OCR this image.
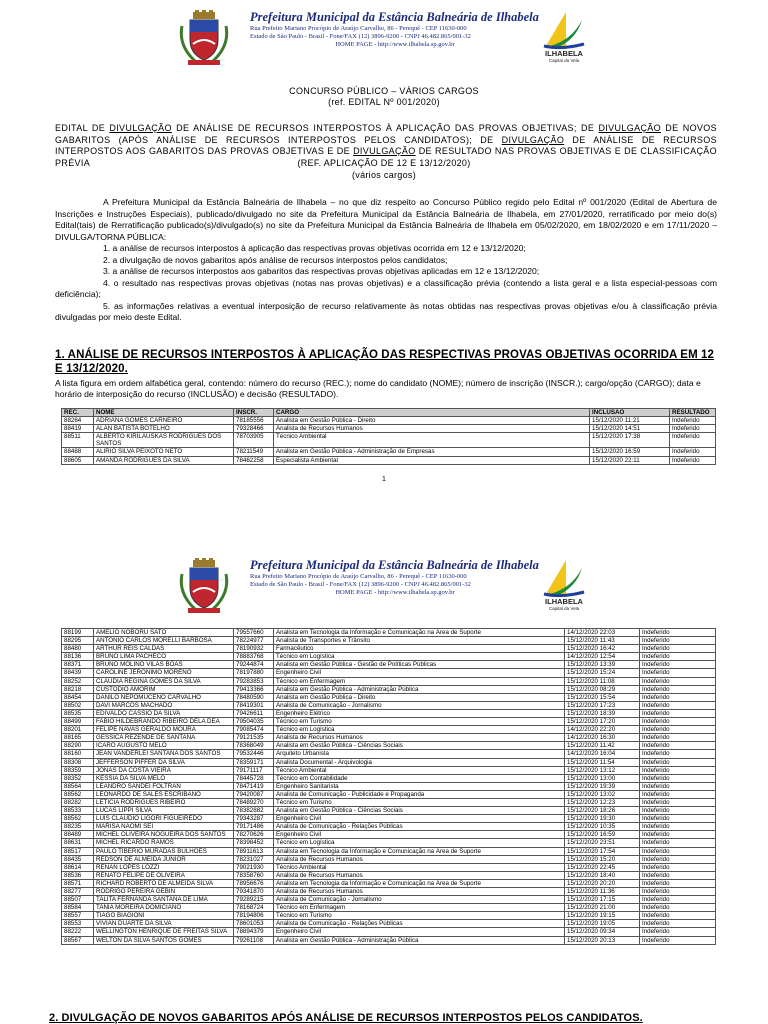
Prefeitura Municipal da Estância Balneária de Ilhabela
Rua Prefeito Mariano Procópio de Araújo Carvalho, 86 - Perequê - CEP 11630-000
Estado de São Paulo - Brasil - Fone/FAX (12) 3896-9200 - CNPJ 46.482.865/001-32
HOME PAGE - http://www.ilhabela.sp.gov.br
ILHABELA
Capital da Vela
CONCURSO PÚBLICO – VÁRIOS CARGOS
(ref. EDITAL Nº 001/2020)
EDITAL DE DIVULGAÇÃO DE ANÁLISE DE RECURSOS INTERPOSTOS À APLICAÇÃO DAS PROVAS OBJETIVAS; DE DIVULGAÇÃO DE NOVOS GABARITOS (APÓS ANÁLISE DE RECURSOS INTERPOSTOS PELOS CANDIDATOS); DE DIVULGAÇÃO DE ANÁLISE DE RECURSOS INTERPOSTOS AOS GABARITOS DAS PROVAS OBJETIVAS E DE DIVULGAÇÃO DE RESULTADO NAS PROVAS OBJETIVAS E DE CLASSIFICAÇÃO PRÉVIA	(REF. APLICAÇÃO DE 12 E 13/12/2020)
(vários cargos)

A Prefeitura Municipal da Estância Balneária de Ilhabela – no que diz respeito ao Concurso Público regido pelo Edital nº 001/2020 (Edital de Abertura de Inscrições e Instruções Especiais), publicado/divulgado no site da Prefeitura Municipal da Estância Balneária de Ilhabela, em 27/01/2020, rerratificado por meio do(s) Edital(tais) de Rerratificação publicado(s)/divulgado(s) no site da Prefeitura Municipal da Estância Balneária de Ilhabela em 05/02/2020, em 18/02/2020 e em 17/11/2020 – DIVULGA/TORNA PÚBLICA:

1. a análise de recursos interpostos à aplicação das respectivas provas objetivas ocorrida em 12 e 13/12/2020;

2. a divulgação de novos gabaritos após análise de recursos interpostos pelos candidatos;

3. a análise de recursos interpostos aos gabaritos das respectivas provas objetivas aplicadas em 12 e 13/12/2020;

4. o resultado nas respectivas provas objetivas (notas nas provas objetivas) e a classificação prévia (contendo a lista geral e a lista especial-pessoas com deficiência);

5. as informações relativas a eventual interposição de recurso relativamente às notas obtidas nas respectivas provas objetivas e/ou à classificação prévia divulgadas por meio deste Edital.

1. ANÁLISE DE RECURSOS INTERPOSTOS À APLICAÇÃO DAS RESPECTIVAS PROVAS OBJETIVAS OCORRIDA EM 12 E 13/12/2020.
A lista figura em ordem alfabética geral, contendo: número do recurso (REC.); nome do candidato (NOME); número de inscrição (INSCR.); cargo/opção (CARGO); data e horário de interposição do recurso (INCLUSÃO) e decisão (RESULTADO).
REC.	NOME	INSCR.	CARGO	INCLUSAO	RESULTADO
88264	ADRIANA GOMES CARNEIRO	78185556	Analista em Gestão Pública - Direito	15/12/2020 11:21	Indeferido
88419	ALAN BATISTA BOTELHO	79328466	Analista de Recursos Humanos	15/12/2020 14:51	Indeferido
88511	ALBERTO KIRILAUSKAS RODRIGUES DOS SANTOS	78703905	Técnico Ambiental	15/12/2020 17:38	Indeferido
88488	ALIRIO SILVA PEIXOTO NETO	78211549	Analista em Gestão Pública - Administração de Empresas	15/12/2020 16:59	Indeferido
88605	AMANDA RODRIGUES DA SILVA	78462258	Especialista Ambiental	15/12/2020 22:11	Indeferido
1
Prefeitura Municipal da Estância Balneária de Ilhabela
Rua Prefeito Mariano Procópio de Araújo Carvalho, 86 - Perequê - CEP 11630-000
Estado de São Paulo - Brasil - Fone/FAX (12) 3896-9200 - CNPJ 46.482.865/001-32
HOME PAGE - http://www.ilhabela.sp.gov.br
ILHABELA
Capital da Vela
88199	AMELIO NOBORU SATO	79557660	Analista em Tecnologia da Informação e Comunicação na Área de Suporte	14/12/2020 22:03	Indeferido
88295	ANTONIO CARLOS MORELLI BARBOSA	78224977	Analista de Transportes e Trânsito	15/12/2020 11:43	Indeferido
88480	ARTHUR REIS CALDAS	78190932	Farmacêutico	15/12/2020 16:42	Indeferido
88136	BRUNO LIMA PACHECO	78883768	Técnico em Logística	14/12/2020 12:54	Indeferido
88371	BRUNO MOLINO VILAS BOAS	79244874	Analista em Gestão Pública - Gestão de Políticas Públicas	15/12/2020 13:39	Indeferido
88439	CAROLINE JERONIMO MORENO	78197880	Engenheiro Civil	15/12/2020 15:24	Indeferido
88252	CLAUDIA REGINA GOMES DA SILVA	79283853	Técnico em Enfermagem	15/12/2020 11:08	Indeferido
88218	CUSTODIO AMORIM	79413366	Analista em Gestão Pública - Administração Pública	15/12/2020 08:29	Indeferido
88454	DANILO NEPOMUCENO CARVALHO	78480590	Analista em Gestão Pública - Direito	15/12/2020 15:54	Indeferido
88502	DAVI MARCOS MACHADO	78419301	Analista de Comunicação - Jornalismo	15/12/2020 17:23	Indeferido
88535	EDIVALDO CASSIO DA SILVA	79426611	Engenheiro Elétrico	15/12/2020 18:39	Indeferido
88499	FABIO HILDEBRANDO RIBEIRO DELA DEA	79504035	Técnico em Turismo	15/12/2020 17:20	Indeferido
88201	FELIPE NAVAS GERALDO MOURA	79085474	Técnico em Logística	14/12/2020 22:20	Indeferido
88165	GESSICA REZENDE DE SANTANA	79121535	Analista de Recursos Humanos	14/12/2020 16:30	Indeferido
88290	ICARO AUGUSTO MELO	78368049	Analista em Gestão Pública - Ciências Sociais	15/12/2020 11:42	Indeferido
88160	JEAN VANDERLEI SANTANA DOS SANTOS	79532446	Arquiteto Urbanista	14/12/2020 16:04	Indeferido
88308	JEFFERSON PIFFER DA SILVA	78359171	Analista Documental - Arquivologia	15/12/2020 11:54	Indeferido
88359	JONAS DA COSTA VIEIRA	79171117	Técnico Ambiental	15/12/2020 13:12	Indeferido
88352	KESSIA DA SILVA MELO	78445728	Técnico em Contabilidade	15/12/2020 13:00	Indeferido
88564	LEANDRO SANDEI FOLTRAN	78471419	Engenheiro Sanitarista	15/12/2020 19:39	Indeferido
88562	LEONARDO DE SALES ESCRIBANO	79420087	Analista de Comunicação - Publicidade e Propaganda	15/12/2020 13:02	Indeferido
88282	LETICIA RODRIGUES RIBEIRO	78489270	Técnico em Turismo	15/12/2020 12:23	Indeferido
88533	LUCAS LIPPI SILVA	78382882	Analista em Gestão Pública - Ciências Sociais	15/12/2020 18:26	Indeferido
88562	LUIS CLAUDIO LIGORI FIGUEIREDO	79343287	Engenheiro Civil	15/12/2020 19:30	Indeferido
88235	MARISA NAOMI SEI	79171486	Analista de Comunicação - Relações Públicas	15/12/2020 10:35	Indeferido
88489	MICHEL OLIVEIRA NOGUEIRA DOS SANTOS	78270626	Engenheiro Civil	15/12/2020 16:59	Indeferido
88631	MICHEL RICARDO RAMOS	78398452	Técnico em Logística	15/12/2020 23:51	Indeferido
88517	PAULO TIBERIO MURADAS BULHOES	78911613	Analista em Tecnologia da Informação e Comunicação na Área de Suporte	15/12/2020 17:54	Indeferido
88435	REDSON DE ALMEIDA JUNIOR	78231027	Analista de Recursos Humanos	15/12/2020 15:20	Indeferido
88614	RENAN LOPES LOZZI	79021930	Técnico Ambiental	15/12/2020 22:45	Indeferido
88536	RENATO FELIPE DE OLIVEIRA	78358760	Analista de Recursos Humanos	15/12/2020 18:40	Indeferido
88571	RICHARD ROBERTO DE ALMEIDA SILVA	78956676	Analista em Tecnologia da Informação e Comunicação na Área de Suporte	15/12/2020 20:20	Indeferido
88277	RODRIGO PEREIRA GEBIN	79341870	Analista de Recursos Humanos	15/12/2020 11:36	Indeferido
88507	TALITA FERNANDA SANTANA DE LIMA	79289215	Analista de Comunicação - Jornalismo	15/12/2020 17:15	Indeferido
88584	TANIA MOREIRA DOMICIANO	78168724	Técnico em Enfermagem	15/12/2020 21:00	Indeferido
88557	TIAGO BIAGIONI	78194806	Técnico em Turismo	15/12/2020 19:15	Indeferido
88553	VIVIAN DUARTE DA SILVA	78601053	Analista de Comunicação - Relações Públicas	15/12/2020 19:05	Indeferido
88222	WELLINGTON HENRIQUE DE FREITAS SILVA	78894379	Engenheiro Civil	15/12/2020 09:34	Indeferido
88567	WELTON DA SILVA SANTOS GOMES	79261108	Analista em Gestão Pública - Administração Pública	15/12/2020 20:13	Indeferido
2. DIVULGAÇÃO DE NOVOS GABARITOS APÓS ANÁLISE DE RECURSOS INTERPOSTOS PELOS CANDIDATOS.
